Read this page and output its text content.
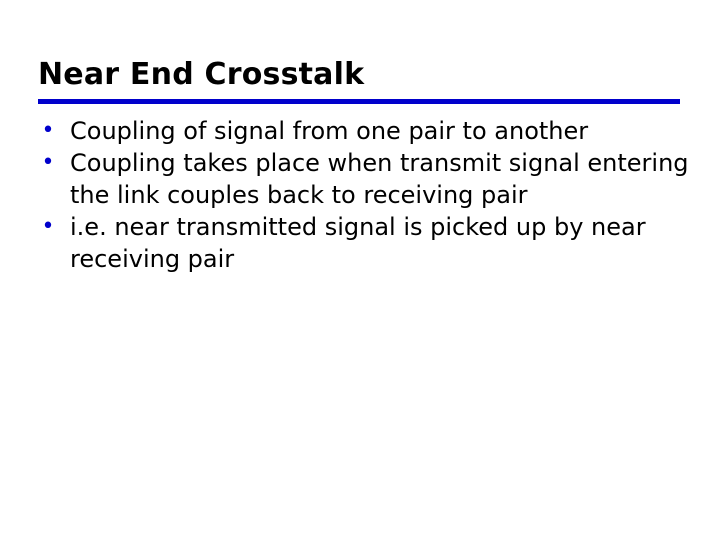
Near End Crosstalk
• Coupling of signal from one pair to another
• Coupling takes place when transmit signal entering the link couples back to receiving pair
• i.e. near transmitted signal is picked up by near receiving pair
